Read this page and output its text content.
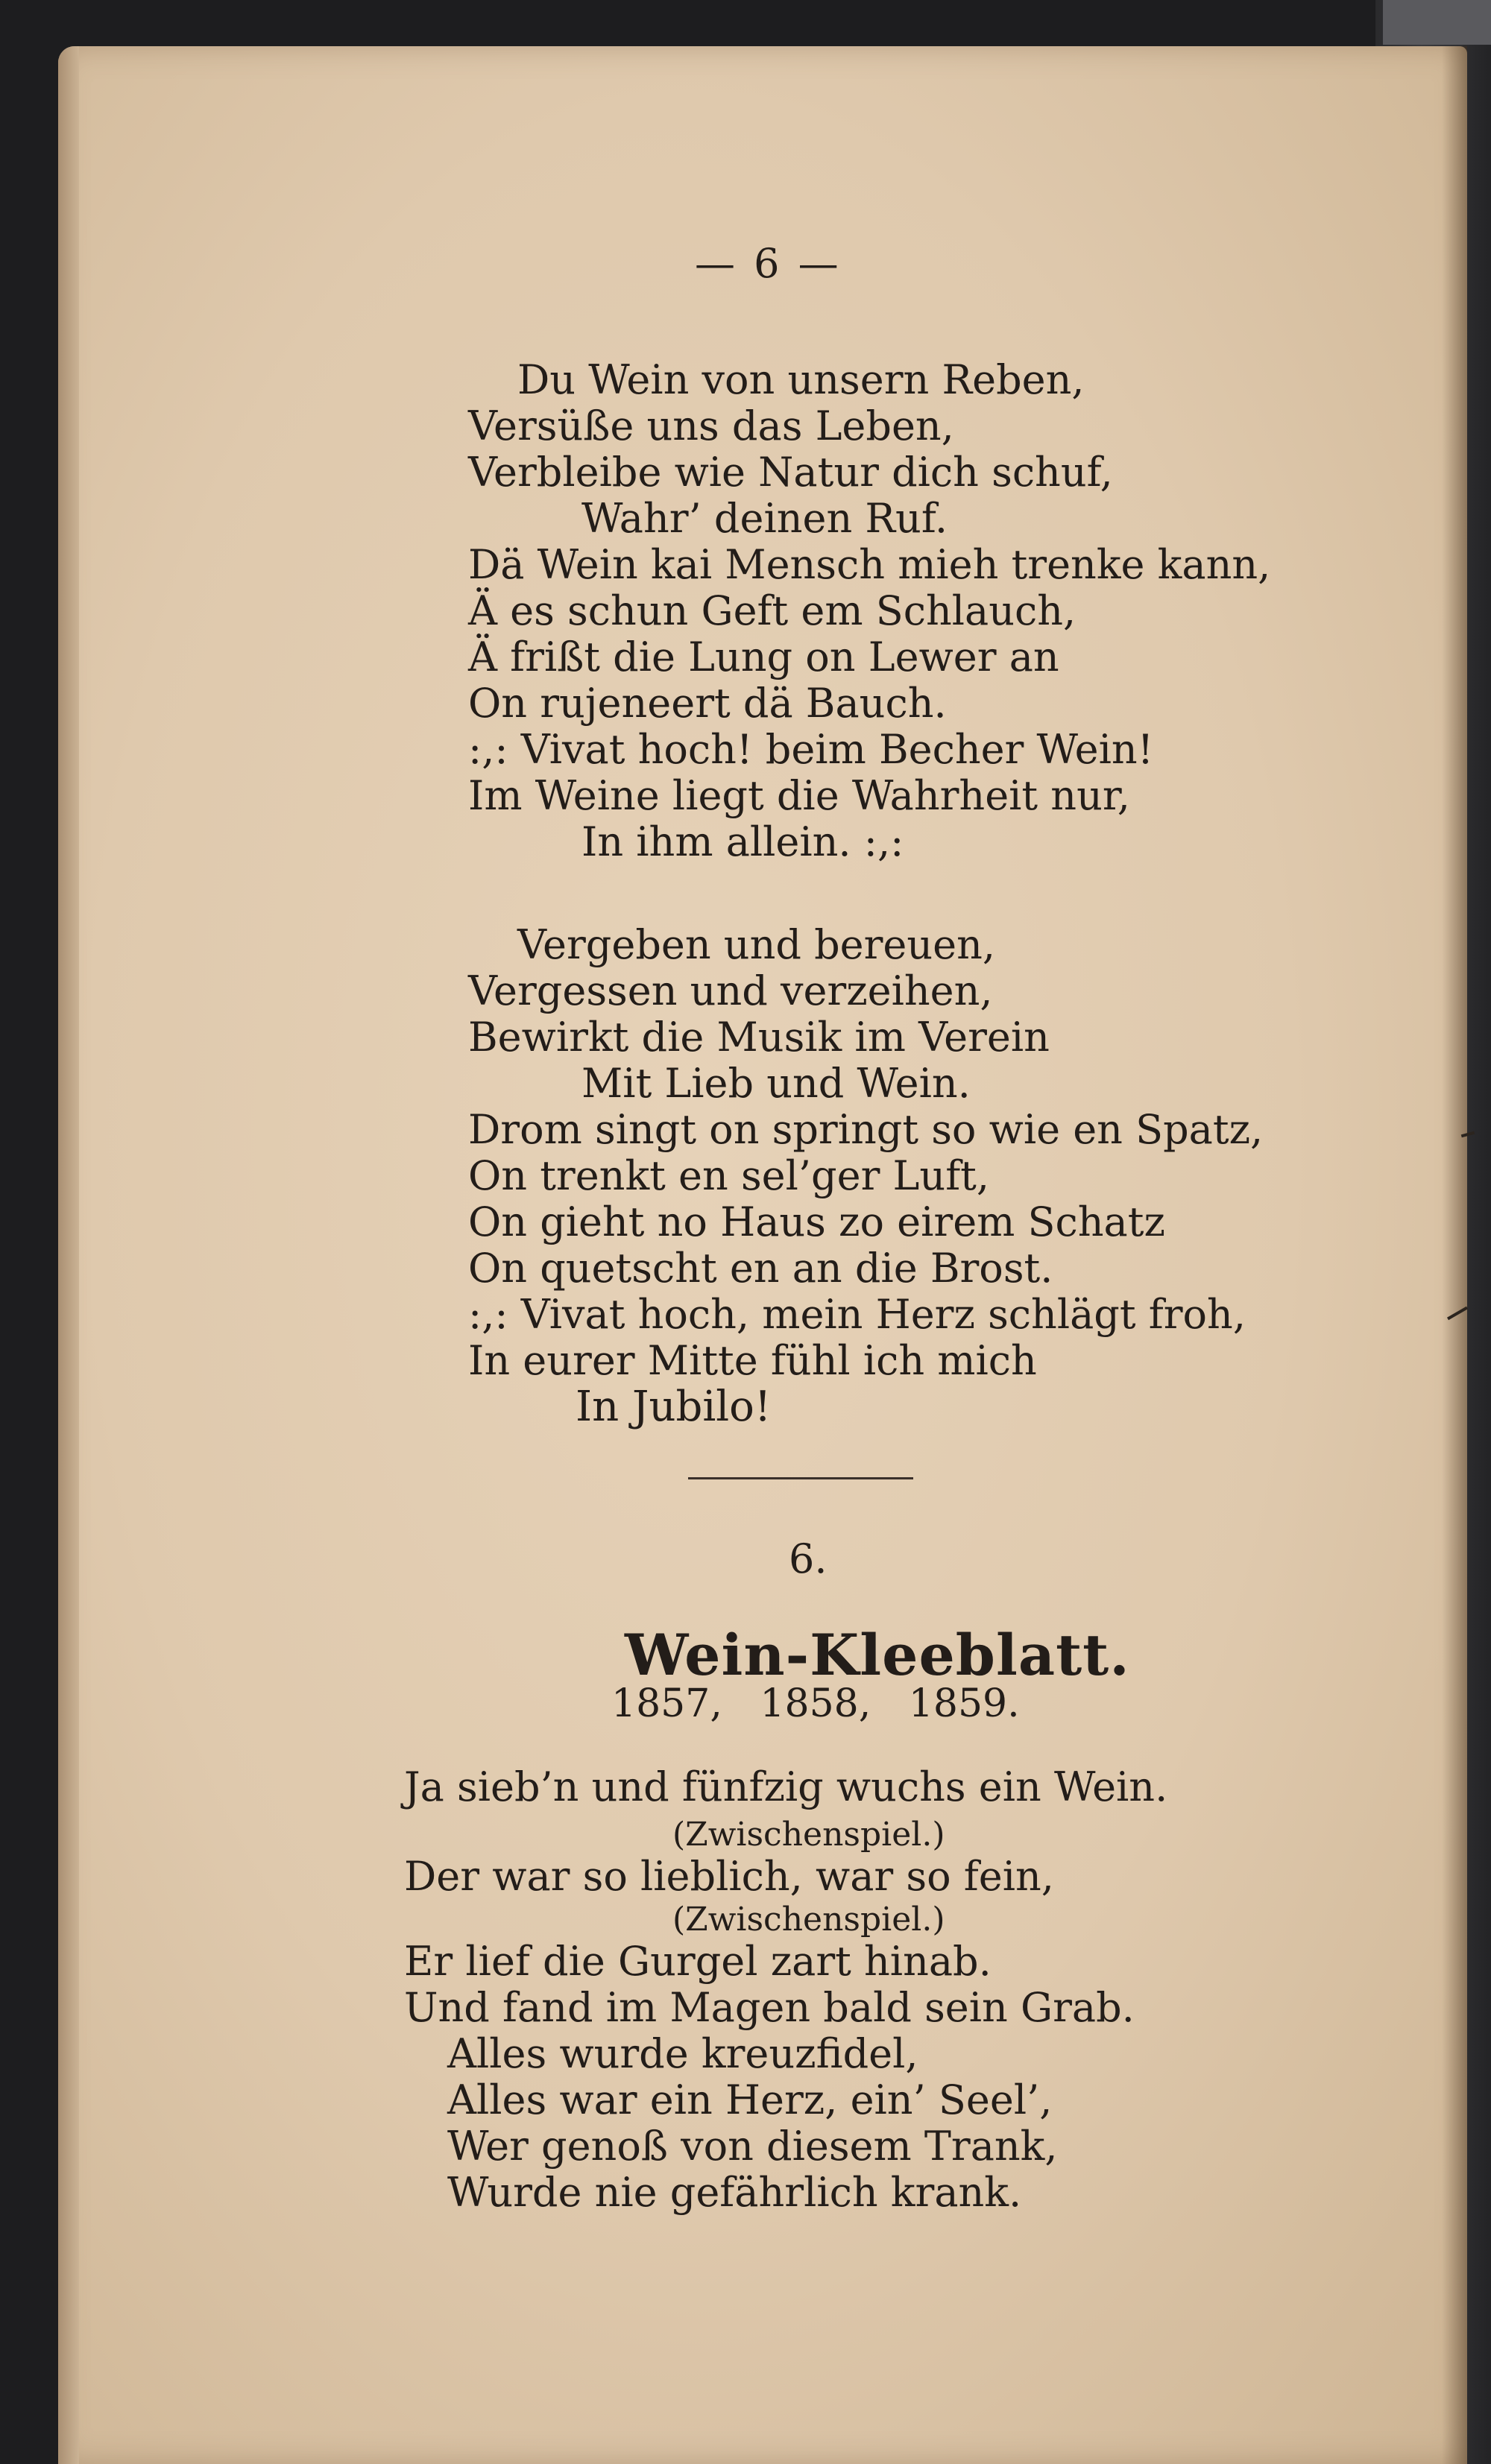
— 6 —
Du Wein von unsern Reben,
Versüße uns das Leben,
Verbleibe wie Natur dich schuf,
Wahr’ deinen Ruf.
Dä Wein kai Mensch mieh trenke kann,
Ä es schun Geft em Schlauch,
Ä frißt die Lung on Lewer an
On rujeneert dä Bauch.
:,: Vivat hoch! beim Becher Wein!
Im Weine liegt die Wahrheit nur,
In ihm allein. :,:
Vergeben und bereuen,
Vergessen und verzeihen,
Bewirkt die Musik im Verein
Mit Lieb und Wein.
Drom singt on springt so wie en Spatz,
On trenkt en sel’ger Luft,
On gieht no Haus zo eirem Schatz
On quetscht en an die Brost.
:,: Vivat hoch, mein Herz schlägt froh,
In eurer Mitte fühl ich mich
In Jubilo!
6.
Wein-Kleeblatt.
1857, 1858, 1859.
Ja sieb’n und fünfzig wuchs ein Wein.
(Zwischenspiel.)
Der war so lieblich, war so fein,
(Zwischenspiel.)
Er lief die Gurgel zart hinab.
Und fand im Magen bald sein Grab.
Alles wurde kreuzfidel,
Alles war ein Herz, ein’ Seel’,
Wer genoß von diesem Trank,
Wurde nie gefährlich krank.
